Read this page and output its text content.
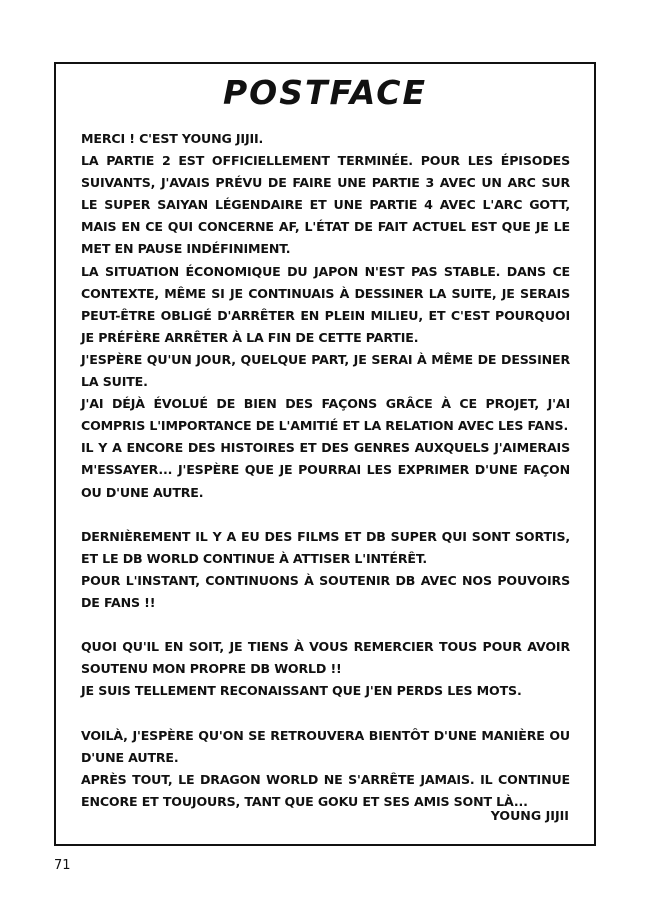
POSTFACE

MERCI ! C'EST YOUNG JIJII.

LA PARTIE 2 EST OFFICIELLEMENT TERMINÉE. POUR LES ÉPISODES SUIVANTS, J'AVAIS PRÉVU DE FAIRE UNE PARTIE 3 AVEC UN ARC SUR LE SUPER SAIYAN LÉGENDAIRE ET UNE PARTIE 4 AVEC L'ARC GOTT, MAIS EN CE QUI CONCERNE AF, L'ÉTAT DE FAIT ACTUEL EST QUE JE LE MET EN PAUSE INDÉFINIMENT.

LA SITUATION ÉCONOMIQUE DU JAPON N'EST PAS STABLE. DANS CE CONTEXTE, MÊME SI JE CONTINUAIS À DESSINER LA SUITE, JE SERAIS PEUT-ÊTRE OBLIGÉ D'ARRÊTER EN PLEIN MILIEU, ET C'EST POURQUOI JE PRÉFÈRE ARRÊTER À LA FIN DE CETTE PARTIE.

J'ESPÈRE QU'UN JOUR, QUELQUE PART, JE SERAI À MÊME DE DESSINER LA SUITE.

J'AI DÉJÀ ÉVOLUÉ DE BIEN DES FAÇONS GRÂCE À CE PROJET, J'AI COMPRIS L'IMPORTANCE DE L'AMITIÉ ET LA RELATION AVEC LES FANS.

IL Y A ENCORE DES HISTOIRES ET DES GENRES AUXQUELS J'AIMERAIS M'ESSAYER... J'ESPÈRE QUE JE POURRAI LES EXPRIMER D'UNE FAÇON OU D'UNE AUTRE.

DERNIÈREMENT IL Y A EU DES FILMS ET DB SUPER QUI SONT SORTIS, ET LE DB WORLD CONTINUE À ATTISER L'INTÉRÊT.

POUR L'INSTANT, CONTINUONS À SOUTENIR DB AVEC NOS POUVOIRS DE FANS !!

QUOI QU'IL EN SOIT, JE TIENS À VOUS REMERCIER TOUS POUR AVOIR SOUTENU MON PROPRE DB WORLD !!

JE SUIS TELLEMENT RECONAISSANT QUE J'EN PERDS LES MOTS.

VOILÀ, J'ESPÈRE QU'ON SE RETROUVERA BIENTÔT D'UNE MANIÈRE OU D'UNE AUTRE.

APRÈS TOUT, LE DRAGON WORLD NE S'ARRÊTE JAMAIS. IL CONTINUE ENCORE ET TOUJOURS, TANT QUE GOKU ET SES AMIS SONT LÀ...

YOUNG JIJII
71
